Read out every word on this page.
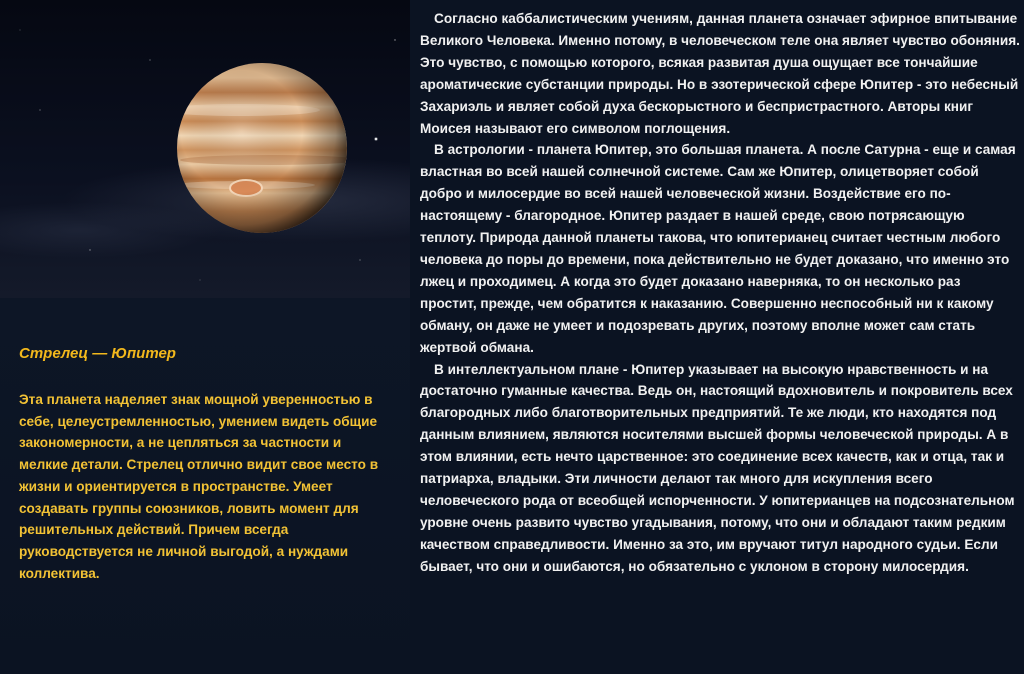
Стрелец — Юпитер

Эта планета наделяет знак мощной уверенностью в себе, целеустремленностью, умением видеть общие закономерности, а не цепляться за частности и мелкие детали. Стрелец отлично видит свое место в жизни и ориентируется в пространстве. Умеет создавать группы союзников, ловить момент для решительных действий. Причем всегда руководствуется не личной выгодой, а нуждами коллектива.

Согласно каббалистическим учениям, данная планета означает эфирное впитывание Великого Человека. Именно потому, в человеческом теле она являет чувство обоняния. Это чувство, с помощью которого, всякая развитая душа ощущает все тончайшие ароматические субстанции природы. Но в эзотерической сфере Юпитер - это небесный Захариэль и являет собой духа бескорыстного и беспристрастного. Авторы книг Моисея называют его символом поглощения.

В астрологии - планета Юпитер, это большая планета. А после Сатурна - еще и самая властная во всей нашей солнечной системе. Сам же Юпитер, олицетворяет собой добро и милосердие во всей нашей человеческой жизни. Воздействие его по-настоящему - благородное. Юпитер раздает в нашей среде, свою потрясающую теплоту. Природа данной планеты такова, что юпитерианец считает честным любого человека до поры до времени, пока действительно не будет доказано, что именно это лжец и проходимец. А когда это будет доказано наверняка, то он несколько раз простит, прежде, чем обратится к наказанию. Совершенно неспособный ни к какому обману, он даже не умеет и подозревать других, поэтому вполне может сам стать жертвой обмана.

В интеллектуальном плане - Юпитер указывает на высокую нравственность и на достаточно гуманные качества. Ведь он, настоящий вдохновитель и покровитель всех благородных либо благотворительных предприятий. Те же люди, кто находятся под данным влиянием, являются носителями высшей формы человеческой природы. А в этом влиянии, есть нечто царственное: это соединение всех качеств, как и отца, так и патриарха, владыки. Эти личности делают так много для искупления всего человеческого рода от всеобщей испорченности. У юпитерианцев на подсознательном уровне очень развито чувство угадывания, потому, что они и обладают таким редким качеством справедливости. Именно за это, им вручают титул народного судьи. Если бывает, что они и ошибаются, но обязательно с уклоном в сторону милосердия.
